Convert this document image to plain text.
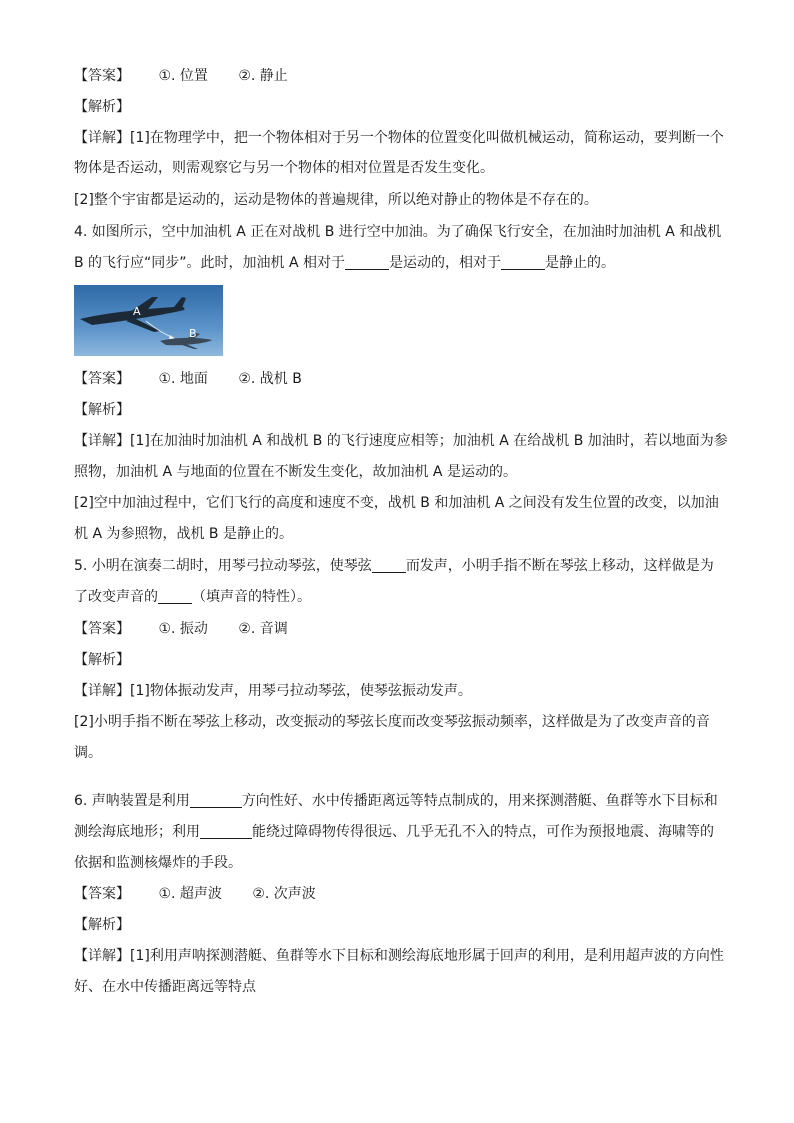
【答案】 ①. 位置 ②. 静止
【解析】
【详解】[1]在物理学中，把一个物体相对于另一个物体的位置变化叫做机械运动，简称运动，要判断一个
物体是否运动，则需观察它与另一个物体的相对位置是否发生变化。
[2]整个宇宙都是运动的，运动是物体的普遍规律，所以绝对静止的物体是不存在的。
4. 如图所示，空中加油机 A 正在对战机 B 进行空中加油。为了确保飞行安全，在加油时加油机 A 和战机
B 的飞行应“同步”。此时，加油机 A 相对于	是运动的，相对于	是静止的。
A
B
【答案】 ①. 地面 ②. 战机 B
【解析】
【详解】[1]在加油时加油机 A 和战机 B 的飞行速度应相等；加油机 A 在给战机 B 加油时，若以地面为参
照物，加油机 A 与地面的位置在不断发生变化，故加油机 A 是运动的。
[2]空中加油过程中，它们飞行的高度和速度不变，战机 B 和加油机 A 之间没有发生位置的改变，以加油
机 A 为参照物，战机 B 是静止的。
5. 小明在演奏二胡时，用琴弓拉动琴弦，使琴弦 而发声，小明手指不断在琴弦上移动，这样做是为
了改变声音的 （填声音的特性）。
【答案】 ①. 振动 ②. 音调
【解析】
【详解】[1]物体振动发声，用琴弓拉动琴弦，使琴弦振动发声。
[2]小明手指不断在琴弦上移动，改变振动的琴弦长度而改变琴弦振动频率，这样做是为了改变声音的音
调。
6. 声呐装置是利用	方向性好、水中传播距离远等特点制成的，用来探测潜艇、鱼群等水下目标和
测绘海底地形；利用	能绕过障碍物传得很远、几乎无孔不入的特点，可作为预报地震、海啸等的
依据和监测核爆炸的手段。
【答案】 ①. 超声波 ②. 次声波
【解析】
【详解】[1]利用声呐探测潜艇、鱼群等水下目标和测绘海底地形属于回声的利用，是利用超声波的方向性
好、在水中传播距离远等特点
